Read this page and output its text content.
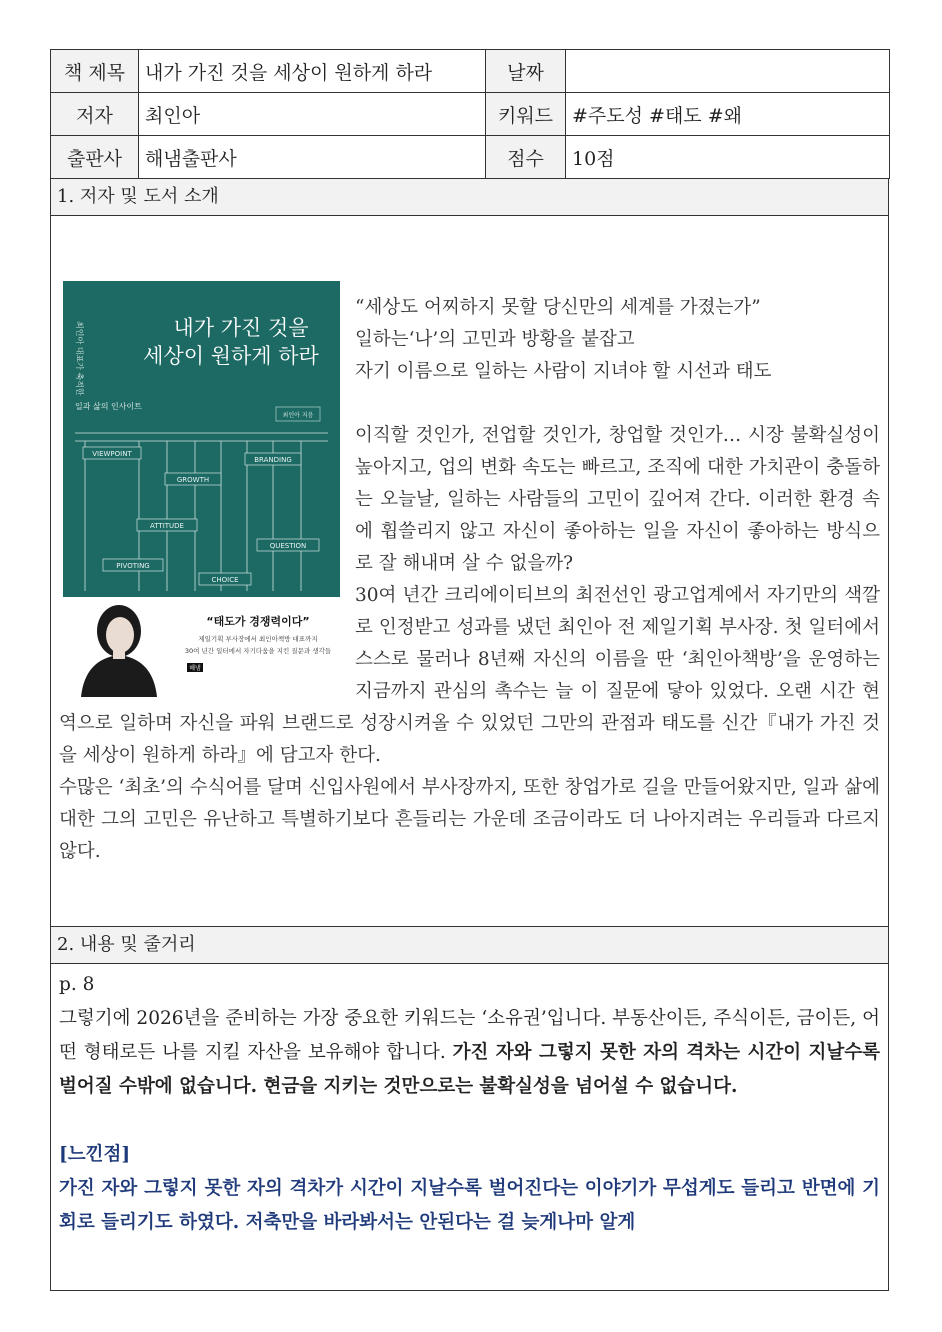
책 제목	내가 가진 것을 세상이 원하게 하라	날짜	
저자	최인아	키워드	#주도성 #태도 #왜
출판사	해냄출판사	점수	10점
1. 저자 및 도서 소개
내가 가진 것을
세상이 원하게 하라
최인아 대표가 축적한
일과 삶의 인사이트
최인아 지음
VIEWPOINT
BRANDING
GROWTH
ATTITUDE
QUESTION
PIVOTING
CHOICE
“태도가 경쟁력이다”
제일기획 부사장에서 최인아책방 대표까지
30여 년간 일터에서 자기다움을 지킨 질문과 생각들
해냄

“세상도 어찌하지 못할 당신만의 세계를 가졌는가”

일하는‘나’의 고민과 방황을 붙잡고

자기 이름으로 일하는 사람이 지녀야 할 시선과 태도

이직할 것인가, 전업할 것인가, 창업할 것인가… 시장 불확실성이 높아지고, 업의 변화 속도는 빠르고, 조직에 대한 가치관이 충돌하는 오늘날, 일하는 사람들의 고민이 깊어져 간다. 이러한 환경 속에 휩쓸리지 않고 자신이 좋아하는 일을 자신이 좋아하는 방식으로 잘 해내며 살 수 없을까?

30여 년간 크리에이티브의 최전선인 광고업계에서 자기만의 색깔로 인정받고 성과를 냈던 최인아 전 제일기획 부사장. 첫 일터에서 스스로 물러나 8년째 자신의 이름을 딴 ‘최인아책방’을 운영하는 지금까지 관심의 촉수는 늘 이 질문에 닿아 있었다. 오랜 시간 현역으로 일하며 자신을 파워 브랜드로 성장시켜올 수 있었던 그만의 관점과 태도를 신간『내가 가진 것을 세상이 원하게 하라』에 담고자 한다.

수많은 ‘최초’의 수식어를 달며 신입사원에서 부사장까지, 또한 창업가로 길을 만들어왔지만, 일과 삶에 대한 그의 고민은 유난하고 특별하기보다 흔들리는 가운데 조금이라도 더 나아지려는 우리들과 다르지 않다.

2. 내용 및 줄거리

p. 8

그렇기에 2026년을 준비하는 가장 중요한 키워드는 ‘소유권’입니다. 부동산이든, 주식이든, 금이든, 어떤 형태로든 나를 지킬 자산을 보유해야 합니다. 가진 자와 그렇지 못한 자의 격차는 시간이 지날수록 벌어질 수밖에 없습니다. 현금을 지키는 것만으로는 불확실성을 넘어설 수 없습니다.

[느낀점]

가진 자와 그렇지 못한 자의 격차가 시간이 지날수록 벌어진다는 이야기가 무섭게도 들리고 반면에 기회로 들리기도 하였다. 저축만을 바라봐서는 안된다는 걸 늦게나마 알게
